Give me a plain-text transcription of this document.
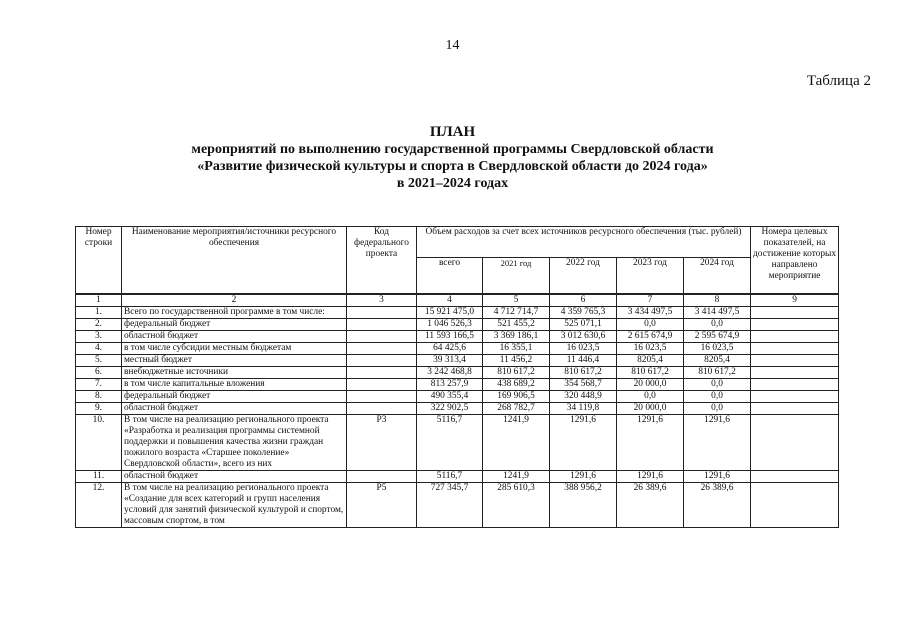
14
Таблица 2
ПЛАН
мероприятий по выполнению государственной программы Свердловской области
«Развитие физической культуры и спорта в Свердловской области до 2024 года»
в 2021–2024 годах
Номер строки	Наименование мероприятия/источники ресурсного обеспечения	Код федерального проекта	Объем расходов за счет всех источников ресурсного обеспечения (тыс. рублей)					Номера целевых показателей, на достижение которых направлено мероприятие
			всего	2021 год	2022 год	2023 год	2024 год	
1	2	3	4	5	6	7	8	9
1.	Всего по государственной программе в том числе:		15 921 475,0	4 712 714,7	4 359 765,3	3 434 497,5	3 414 497,5	
2.	федеральный бюджет		1 046 526,3	521 455,2	525 071,1	0,0	0,0	
3.	областной бюджет		11 593 166,5	3 369 186,1	3 012 630,6	2 615 674,9	2 595 674,9	
4.	в том числе субсидии местным бюджетам		64 425,6	16 355,1	16 023,5	16 023,5	16 023,5	
5.	местный бюджет		39 313,4	11 456,2	11 446,4	8205,4	8205,4	
6.	внебюджетные источники		3 242 468,8	810 617,2	810 617,2	810 617,2	810 617,2	
7.	в том числе капитальные вложения		813 257,9	438 689,2	354 568,7	20 000,0	0,0	
8.	федеральный бюджет		490 355,4	169 906,5	320 448,9	0,0	0,0	
9.	областной бюджет		322 902,5	268 782,7	34 119,8	20 000,0	0,0	
10.	В том числе на реализацию регионального проекта «Разработка и реализация программы системной поддержки и повышения качества жизни граждан пожилого возраста «Старшее поколение» Свердловской области», всего из них	Р3	5116,7	1241,9	1291,6	1291,6	1291,6	
11.	областной бюджет		5116,7	1241,9	1291,6	1291,6	1291,6	
12.	В том числе на реализацию регионального проекта «Создание для всех категорий и групп населения условий для занятий физической культурой и спортом, массовым спортом, в том	Р5	727 345,7	285 610,3	388 956,2	26 389,6	26 389,6	
